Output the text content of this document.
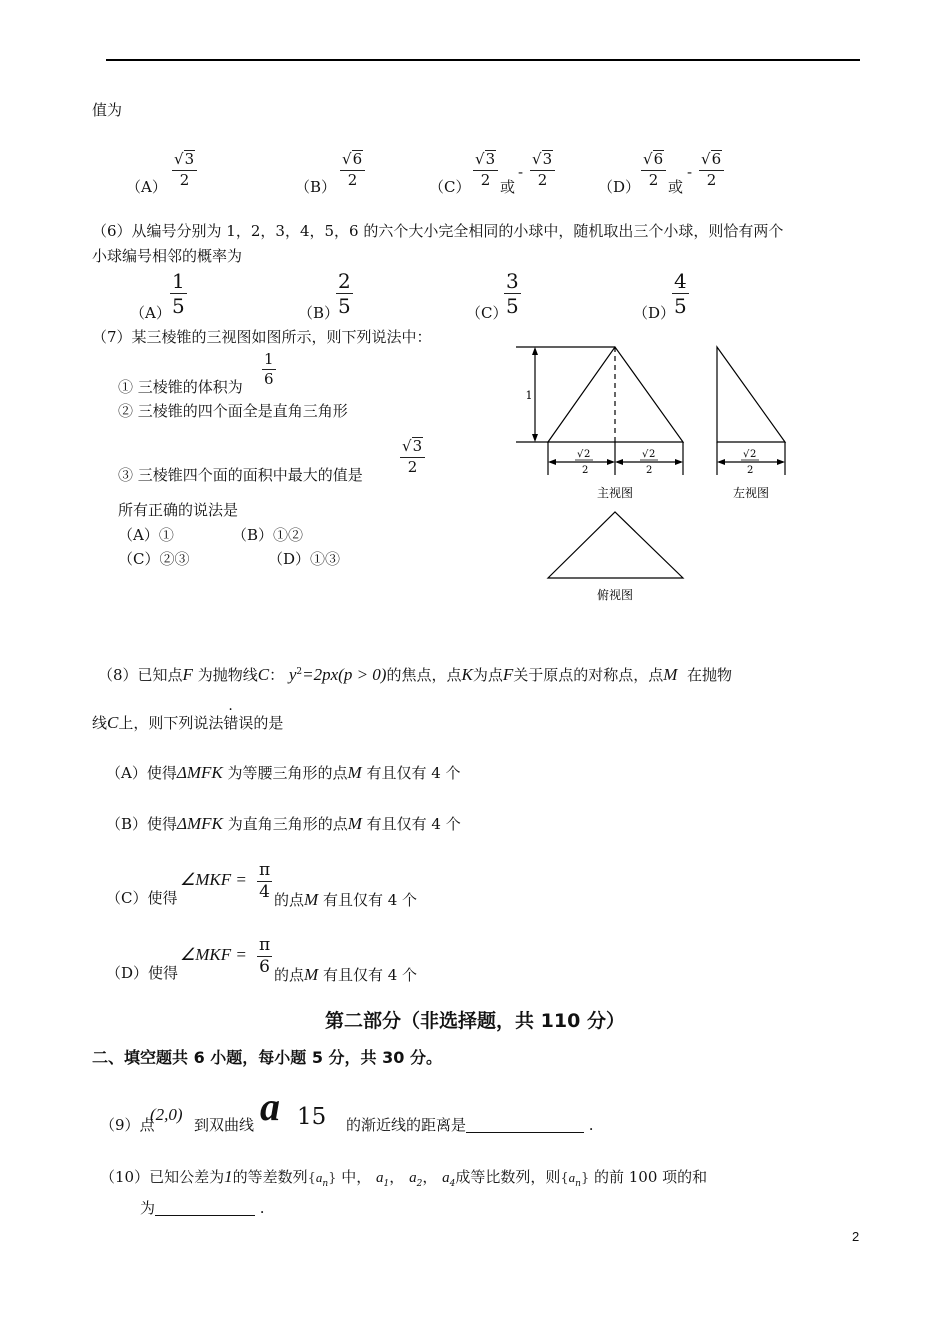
值为
$(A) \frac{√3}{2}$	$(B) \frac{√6}{2}$	$(C) \frac{√3}{2}$ 或
- $\frac{√3}{2}$	$(D) \frac{√6}{2}$ 或
- $\frac{√6}{2}$
（6）从编号分别为 1，2，3，4，5，6 的六个大小完全相同的小球中，随机取出三个小球，则恰有两个
小球编号相邻的概率为
$(A) \frac{1}{5}$	（B）
$\frac{2}{5}$	（C）
$\frac{3}{5}$	（D）
$\frac{4}{5}$
（7）某三棱锥的三视图如图所示，则下列说法中：
① 三棱锥的体积为 $\frac{1}{6}$
② 三棱锥的四个面全是直角三角形
③ 三棱锥四个面的面积中最大的值是
$\frac{√3}{2}$
所有正确的说法是
（A）①	（B）①②
（C）②③	（D）①③
1
√ 2
2
√ 2
2
√ 2
2
主视图	左视图
俯视图
（8）已知点F 为抛物线C： $y^2=2px(p > 0)$的焦点，点K为点F关于原点的对称点，点M 在抛物
线C上，则下列说法错误的是
（A）使得ΔMFK 为等腰三角形的点M 有且仅有 4 个
（B）使得ΔMFK 为直角三角形的点M 有且仅有 4 个
（C）使得
∠MKF = $\frac{\pi}{4}$ 的点M 有且仅有 4 个
（D）使得
∠MKF = $\frac{\pi}{6}$ 的点M 有且仅有 4 个
第二部分（非选择题，共 110 分）
二、填空题共 6 小题，每小题 5 分，共 30 分。
（9）点
(2,0)
到双曲线 a 15 的渐近线的距离是	.
（10）已知公差为1的等差数列$\{a_n\}$ 中， $a_1$， $a_2$， $a_4$成等比数列，则$\{a_n\}$ 的前 100 项的和
为	.
2
